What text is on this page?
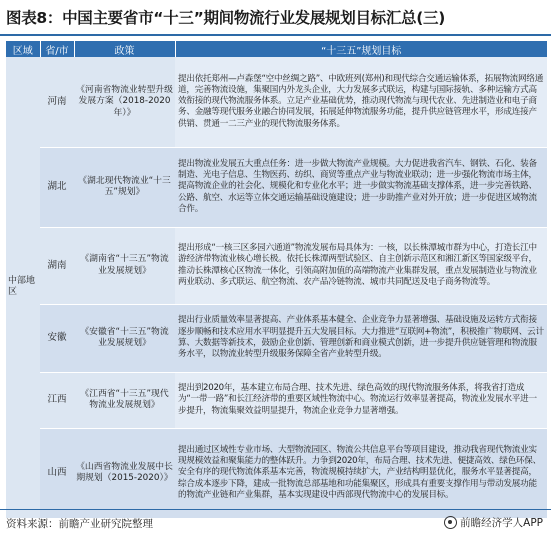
图表8：中国主要省市“十三”期间物流行业发展规划目标汇总(三)
区域	省/市	政策	“十三五”规划目标
中部地区	河南	《河南省物流业转型升级发展方案（2018-2020年）》	提出依托郑州—卢森堡“空中丝绸之路”、中欧班列(郑州)和现代综合交通运输体系，拓展物流网络通道，完善物流设施，集聚国内外龙头企业，大力发展多式联运，构建与国际接轨、多种运输方式高效衔接的现代物流服务体系。立足产业基础优势，推动现代物流与现代农业、先进制造业和电子商务、金融等现代服务业融合协同发展，拓展延伸物流服务功能，提升供应链管理水平，形成连接产供销、贯通一二三产业的现代物流服务体系。
	湖北	《湖北现代物流业“十三五”规划》	提出物流业发展五大重点任务：进一步做大物流产业规模。大力促进我省汽车、钢铁、石化、装备制造、光电子信息、生物医药、纺织、商贸等重点产业与物流业联动；进一步强化物流市场主体，提高物流企业的社会化、规模化和专业化水平；进一步做实物流基础支撑体系，进一步完善铁路、公路、航空、水运等立体交通运输基础设施建设；进一步助推产业对外开放；进一步促进区域物流合作。
	湖南	《湖南省“十三五”物流业发展规划》	提出形成“一核三区多园六通道”物流发展布局具体为：一核，以长株潭城市群为中心，打造长江中游经济带物流业核心增长极。依托长株潭两型试验区、自主创新示范区和湘江新区等国家级平台，推动长株潭核心区物流一体化，引领高附加值的高端物流产业集群发展，重点发展制造业与物流业两业联动、多式联运、航空物流、农产品冷链物流、城市共同配送及电子商务物流等。
	安徽	《安徽省“十三五”物流业发展规划》	提出行业质量效率显著提高、产业体系基本健全、企业竞争力显著增强、基础设施及运转方式衔接逐步顺畅和技术应用水平明显提升五大发展目标。大力推进“互联网+物流”，积极推广物联网、云计算、大数据等新技术，鼓励企业创新、管理创新和商业模式创新，进一步提升供应链管理和物流服务水平，以物流业转型升级服务保障全省产业转型升级。
	江西	《江西省“十三五”现代物流业发展规划》	提出到2020年，基本建立布局合理、技术先进、绿色高效的现代物流服务体系，将我省打造成为“一带一路”和长江经济带的重要区域性物流中心。物流运行效率显著提高，物流业发展水平进一步提升，物流集聚效益明显提升，物流企业竞争力显著增强。
	山西	《山西省物流业发展中长期规划（2015-2020）》	提出通过区域性专业市场、大型物流园区、物流公共信息平台等项目建设，推动我省现代物流业实现规模效益和聚集能力的整体跃升。力争到2020年，布局合理、技术先进、便捷高效、绿色环保、安全有序的现代物流体系基本完善，物流规模持续扩大，产业结构明显优化，服务水平显著提高，综合成本逐步下降，建成一批物流总部基地和功能集聚区，形成具有重要支撑作用与带动发展功能的物流产业链和产业集群，基本实现建设中西部现代物流中心的发展目标。
资料来源：前瞻产业研究院整理	前瞻经济学人APP
